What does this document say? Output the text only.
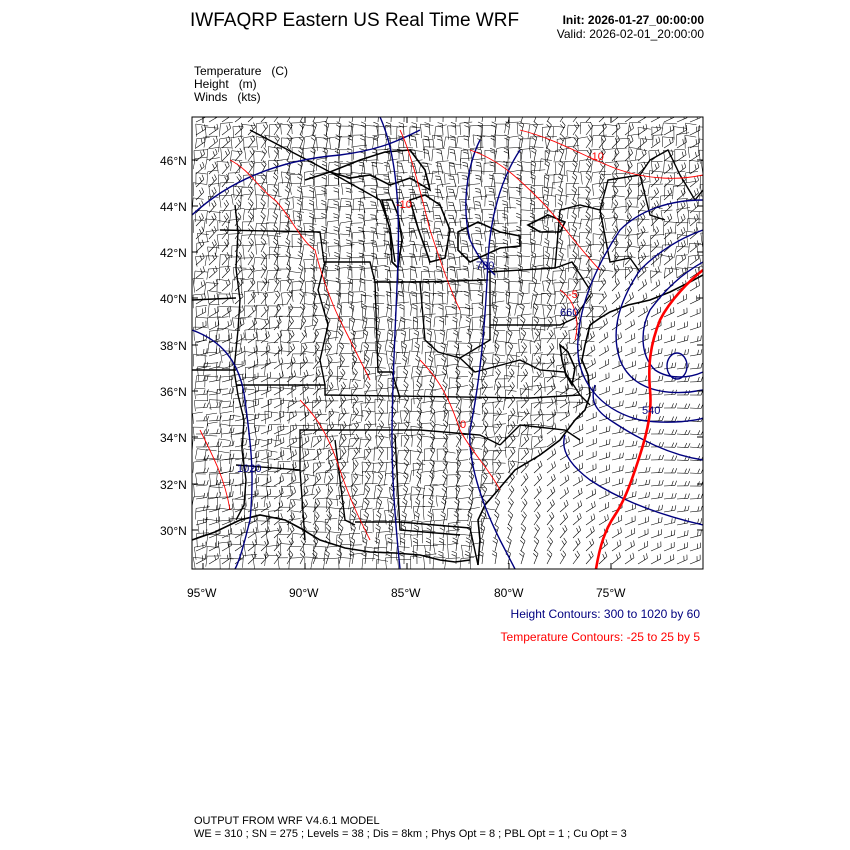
IWFAQRP Eastern US Real Time WRF	Init: 2026-01-27_00:00:00
Valid: 2026-02-01_20:00:00
Temperature   (C)
Height   (m)
Winds   (kts)
46°N
44°N
42°N
40°N
38°N
36°N
34°N
32°N
30°N
95°W	90°W	85°W	80°W	75°W
780
660
540
1020
-10
-10
-5
0
Height Contours: 300 to 1020 by 60
Temperature Contours: -25 to 25 by 5
OUTPUT FROM WRF V4.6.1 MODEL
WE = 310 ; SN = 275 ; Levels = 38 ; Dis = 8km ; Phys Opt = 8 ; PBL Opt = 1 ; Cu Opt = 3
